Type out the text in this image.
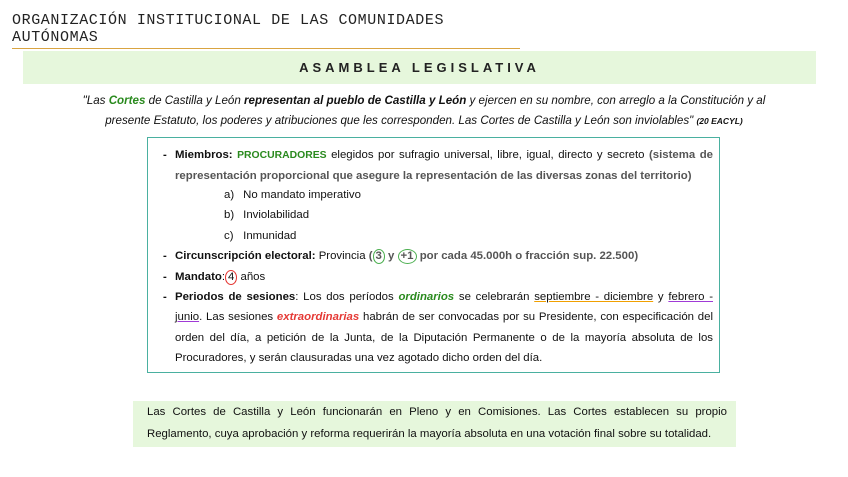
ORGANIZACIÓN INSTITUCIONAL DE LAS COMUNIDADES AUTÓNOMAS
ASAMBLEA LEGISLATIVA
"Las Cortes de Castilla y León representan al pueblo de Castilla y León y ejercen en su nombre, con arreglo a la Constitución y al presente Estatuto, los poderes y atribuciones que les corresponden. Las Cortes de Castilla y León son inviolables" (20 EACYL)
- Miembros: PROCURADORES elegidos por sufragio universal, libre, igual, directo y secreto (sistema de representación proporcional que asegure la representación de las diversas zonas del territorio)
a) No mandato imperativo
b) Inviolabilidad
c) Inmunidad
- Circunscripción electoral: Provincia ( 3 y +1 por cada 45.000h o fracción sup. 22.500)
- Mandato: 4 años
- Periodos de sesiones: Los dos períodos ordinarios se celebrarán septiembre - diciembre y febrero - junio. Las sesiones extraordinarias habrán de ser convocadas por su Presidente, con especificación del orden del día, a petición de la Junta, de la Diputación Permanente o de la mayoría absoluta de los Procuradores, y serán clausuradas una vez agotado dicho orden del día.
Las Cortes de Castilla y León funcionarán en Pleno y en Comisiones. Las Cortes establecen su propio Reglamento, cuya aprobación y reforma requerirán la mayoría absoluta en una votación final sobre su totalidad.
